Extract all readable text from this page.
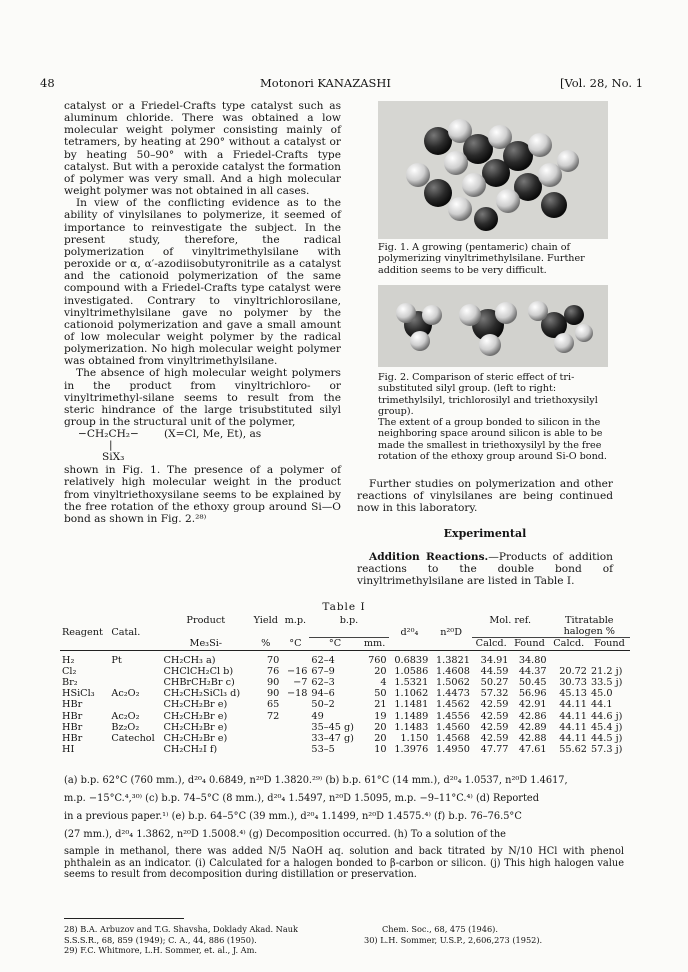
48	Motonori KANAZASHI	[Vol. 28, No. 1

catalyst or a Friedel-Crafts type catalyst such as aluminum chloride. There was obtained a low molecular weight polymer consisting mainly of tetramers, by heating at 290° without a catalyst or by heating 50–90° with a Friedel-Crafts type catalyst. But with a peroxide catalyst the formation of polymer was very small. And a high molecular weight polymer was not obtained in all cases.

In view of the conflicting evidence as to the ability of vinylsilanes to polymerize, it seemed of importance to reinvestigate the subject. In the present study, therefore, the radical polymerization of vinyltrimethylsilane with peroxide or α, α′-azodiisobutyronitrile as a catalyst and the cationoid polymerization of the same compound with a Friedel-Crafts type catalyst were investigated. Contrary to vinyltrichlorosilane, vinyltrimethylsilane gave no polymer by the cationoid polymerization and gave a small amount of low molecular weight polymer by the radical polymerization. No high molecular weight polymer was obtained from vinyltrimethylsilane.

The absence of high molecular weight polymers in the product from vinyltrichloro- or vinyltrimethyl-silane seems to result from the steric hindrance of the large trisubstituted silyl group in the structural unit of the polymer,

−CH₂CH₂− (X=Cl, Me, Et), as
|
SiX₃

shown in Fig. 1. The presence of a polymer of relatively high molecular weight in the product from vinyltriethoxysilane seems to be explained by the free rotation of the ethoxy group around Si—O bond as shown in Fig. 2.²⁸⁾

Fig. 1. A growing (pentameric) chain of polymerizing vinyltrimethylsilane. Further addition seems to be very difficult.

Fig. 2. Comparison of steric effect of tri-substituted silyl group. (left to right: trimethylsilyl, trichlorosilyl and triethoxysilyl group).

The extent of a group bonded to silicon in the neighboring space around silicon is able to be made the smallest in triethoxysilyl by the free rotation of the ethoxy group around Si-O bond.

Further studies on polymerization and other reactions of vinylsilanes are being continued now in this laboratory.

Experimental

Addition Reactions.—Products of addition reactions to the double bond of vinyltrimethylsilane are listed in Table I.

Table I
Reagent	Catal.	Product	Yield	m.p.	b.p.		d²⁰₄	n²⁰D	Mol. ref.		Titratable halogen %	
		Me₃Si-	%	°C	°C	mm.			Calcd.	Found	Calcd.	Found

H₂	Pt	CH₂CH₃ a)	70		62–4	760	0.6839	1.3821	34.91	34.80		
Cl₂		CHClCH₂Cl b)	76	−16	67–9	20	1.0586	1.4608	44.59	44.37	20.72	21.2 j)
Br₂		CHBrCH₂Br c)	90	−7	62–3	4	1.5321	1.5062	50.27	50.45	30.73	33.5 j)
HSiCl₃	Ac₂O₂	CH₂CH₂SiCl₃ d)	90	−18	94–6	50	1.1062	1.4473	57.32	56.96	45.13	45.0
HBr		CH₂CH₂Br e)	65		50–2	21	1.1481	1.4562	42.59	42.91	44.11	44.1
HBr	Ac₂O₂	CH₂CH₂Br e)	72		49	19	1.1489	1.4556	42.59	42.86	44.11	44.6 j)
HBr	Bz₂O₂	CH₂CH₂Br e)			35–45 g)	20	1.1483	1.4560	42.59	42.89	44.11	45.4 j)
HBr	Catechol	CH₂CH₂Br e)			33–47 g)	20	1.150	1.4568	42.59	42.88	44.11	44.5 j)
HI		CH₂CH₂I f)			53–5	10	1.3976	1.4950	47.77	47.61	55.62	57.3 j)

(a) b.p. 62°C (760 mm.), d²⁰₄ 0.6849, n²⁰D 1.3820.²⁹⁾ (b) b.p. 61°C (14 mm.), d²⁰₄ 1.0537, n²⁰D 1.4617,

m.p. −15°C.⁴,³⁰⁾ (c) b.p. 74–5°C (8 mm.), d²⁰₄ 1.5497, n²⁰D 1.5095, m.p. −9–11°C.⁴⁾ (d) Reported

in a previous paper.¹⁾ (e) b.p. 64–5°C (39 mm.), d²⁰₄ 1.1499, n²⁰D 1.4575.⁴⁾ (f) b.p. 76–76.5°C

(27 mm.), d²⁰₄ 1.3862, n²⁰D 1.5008.⁴⁾ (g) Decomposition occurred. (h) To a solution of the

sample in methanol, there was added N/5 NaOH aq. solution and back titrated by N/10 HCl with phenol phthalein as an indicator. (i) Calculated for a halogen bonded to β-carbon or silicon. (j) This high halogen value seems to result from decomposition during distillation or preservation.

28) B.A. Arbuzov and T.G. Shavsha, Doklady Akad. Nauk S.S.S.R., 68, 859 (1949); C. A., 44, 886 (1950).
29) F.C. Whitmore, L.H. Sommer, et. al., J. Am.
Chem. Soc., 68, 475 (1946).
30) L.H. Sommer, U.S.P., 2,606,273 (1952).
